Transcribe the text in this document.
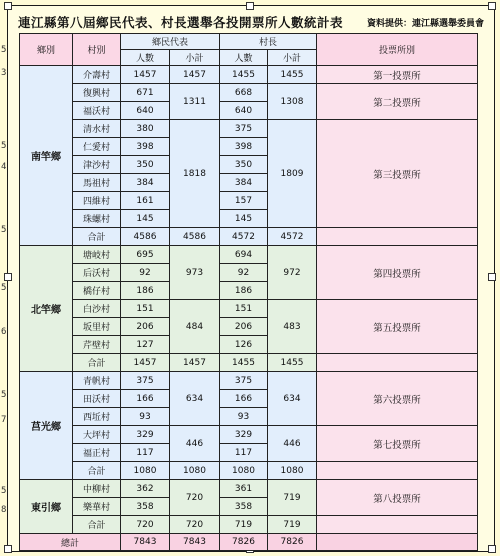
5
3
5
4
5
5
6
5
7
5
8
連江縣第八屆鄉民代表、村長選舉各投開票所人數統計表	資料提供：連江縣選舉委員會
鄉別	村別	鄉民代表		村長		投票所別
		人數	小計	人數	小計	
南竿鄉	介壽村	1457	1457	1455	1455	第一投票所
	復興村	671	1311	668	1308	第二投票所
	福沃村	640		640		
	清水村	380	1818	375	1809	第三投票所
	仁愛村	398		398		
	津沙村	350		350		
	馬祖村	384		384		
	四維村	161		157		
	珠螺村	145		145		
	合計	4586	4586	4572	4572	
北竿鄉	塘岐村	695	973	694	972	第四投票所
	后沃村	92		92		
	橋仔村	186		186		
	白沙村	151	484	151	483	第五投票所
	坂里村	206		206		
	芹壁村	127		126		
	合計	1457	1457	1455	1455	
莒光鄉	青帆村	375	634	375	634	第六投票所
	田沃村	166		166		
	西坵村	93		93		
	大坪村	329	446	329	446	第七投票所
	福正村	117		117		
	合計	1080	1080	1080	1080	
東引鄉	中柳村	362	720	361	719	第八投票所
	樂華村	358		358		
	合計	720	720	719	719	
總計		7843	7843	7826	7826	
